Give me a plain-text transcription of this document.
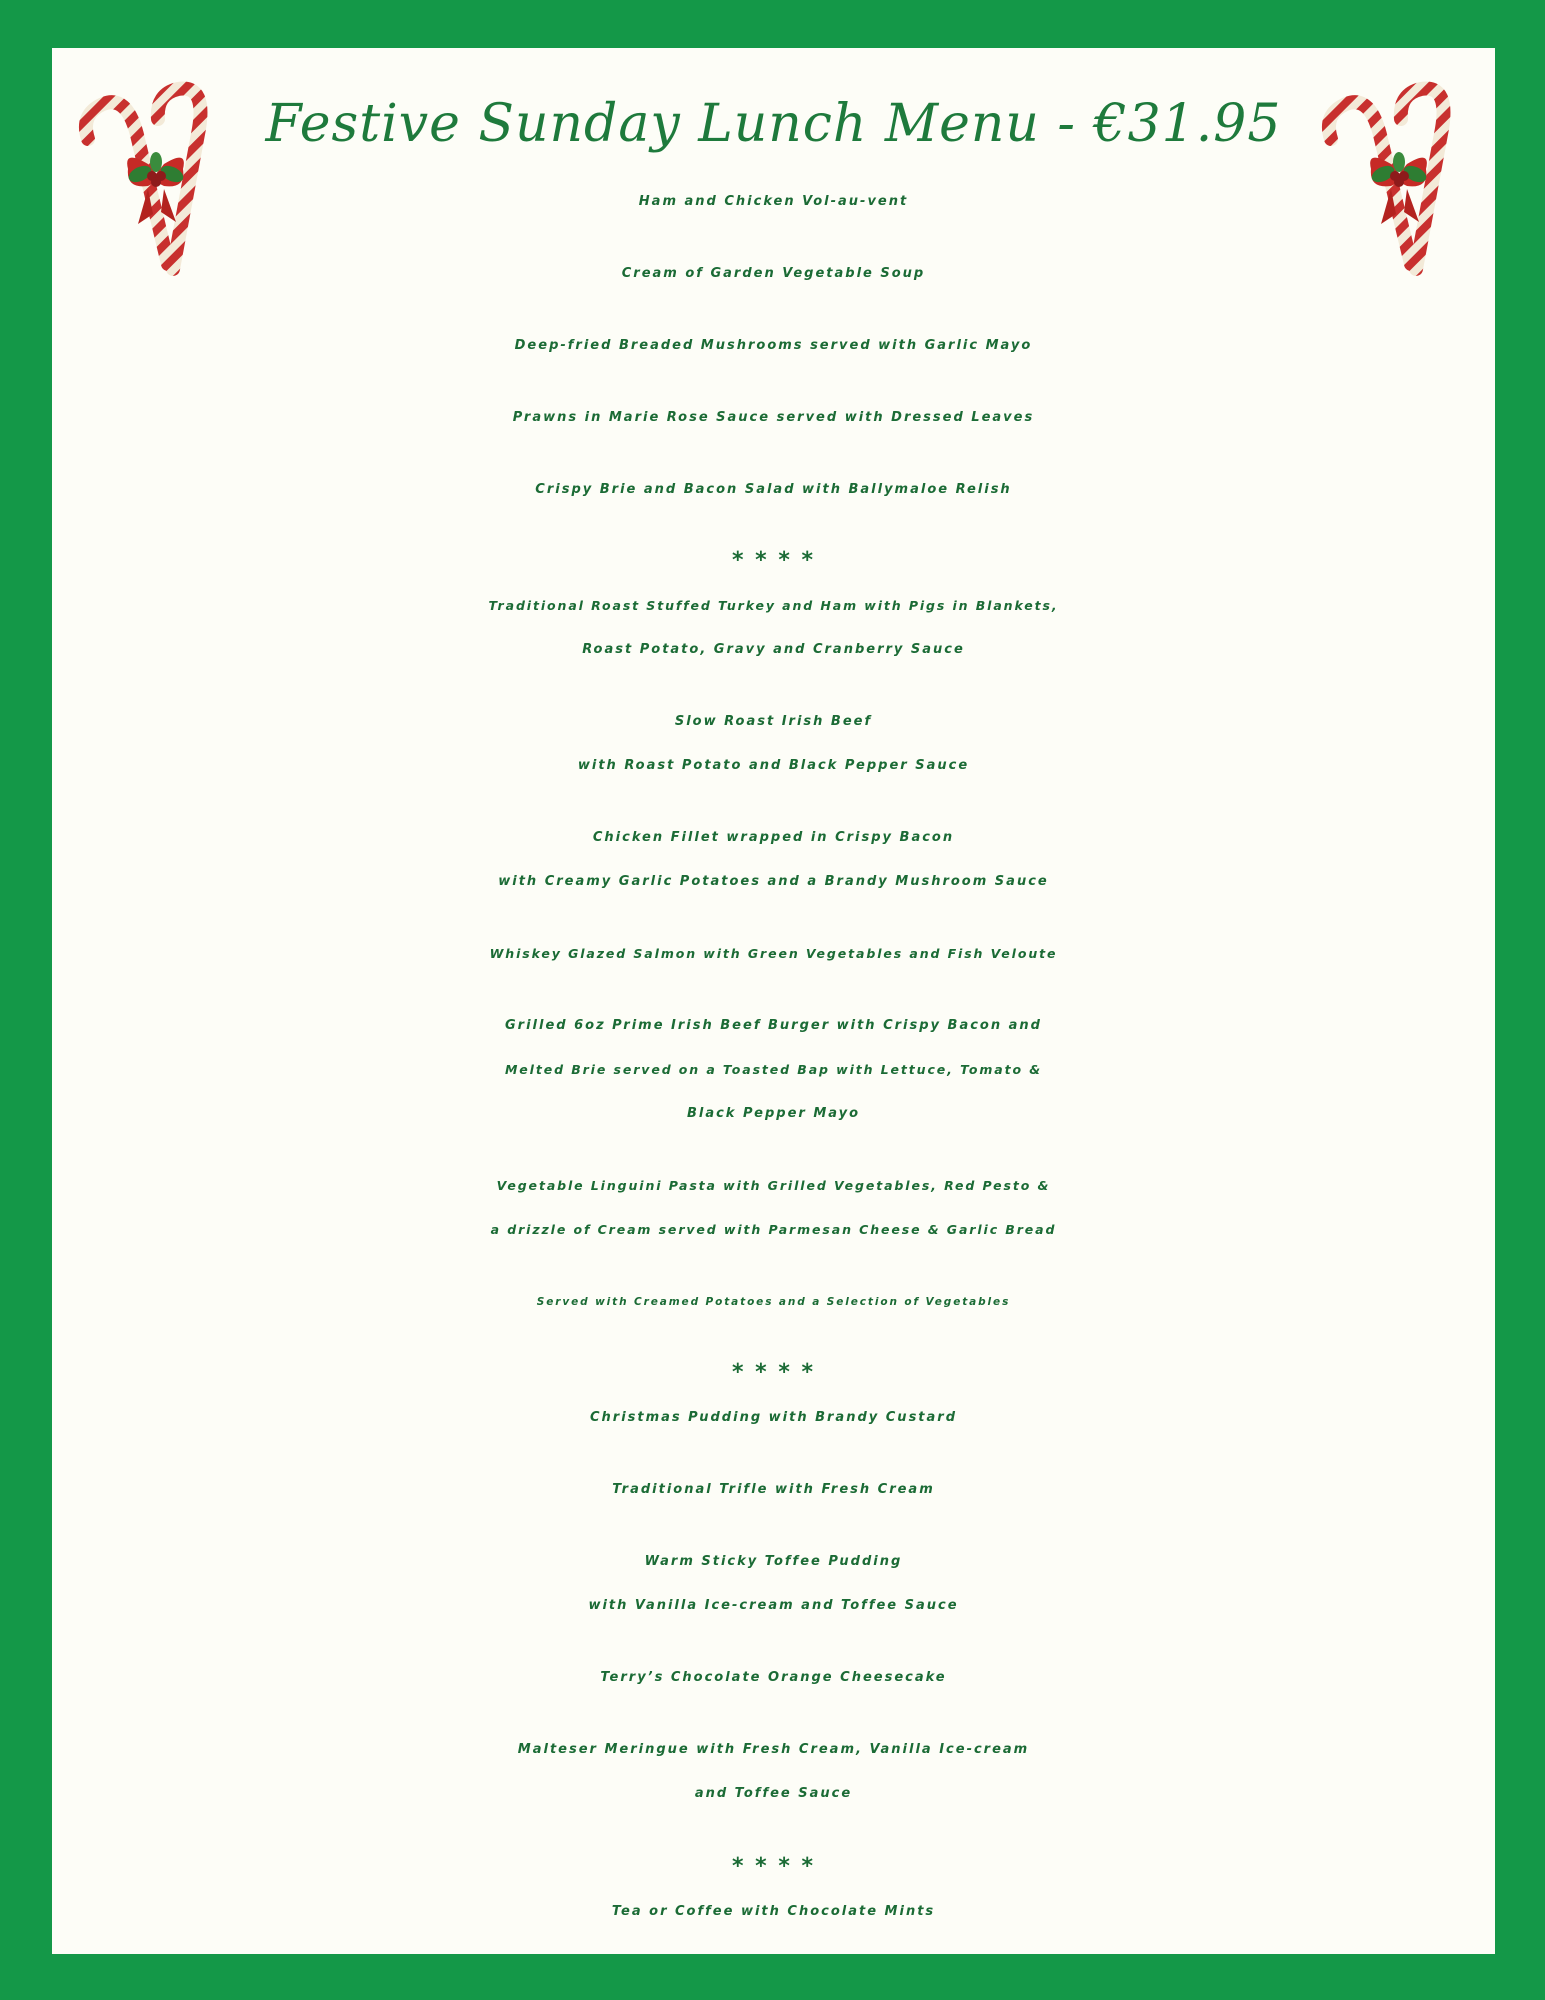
Festive Sunday Lunch Menu - €31.95
Ham and Chicken Vol-au-vent
Cream of Garden Vegetable Soup
Deep-fried Breaded Mushrooms served with Garlic Mayo
Prawns in Marie Rose Sauce served with Dressed Leaves
Crispy Brie and Bacon Salad with Ballymaloe Relish
* * * *
Traditional Roast Stuffed Turkey and Ham with Pigs in Blankets,
Roast Potato, Gravy and Cranberry Sauce
Slow Roast Irish Beef
with Roast Potato and Black Pepper Sauce
Chicken Fillet wrapped in Crispy Bacon
with Creamy Garlic Potatoes and a Brandy Mushroom Sauce
Whiskey Glazed Salmon with Green Vegetables and Fish Veloute
Grilled 6oz Prime Irish Beef Burger with Crispy Bacon and
Melted Brie served on a Toasted Bap with Lettuce, Tomato &
Black Pepper Mayo
Vegetable Linguini Pasta with Grilled Vegetables, Red Pesto &
a drizzle of Cream served with Parmesan Cheese & Garlic Bread
Served with Creamed Potatoes and a Selection of Vegetables
* * * *
Christmas Pudding with Brandy Custard
Traditional Trifle with Fresh Cream
Warm Sticky Toffee Pudding
with Vanilla Ice-cream and Toffee Sauce
Terry’s Chocolate Orange Cheesecake
Malteser Meringue with Fresh Cream, Vanilla Ice-cream
and Toffee Sauce
* * * *
Tea or Coffee with Chocolate Mints
